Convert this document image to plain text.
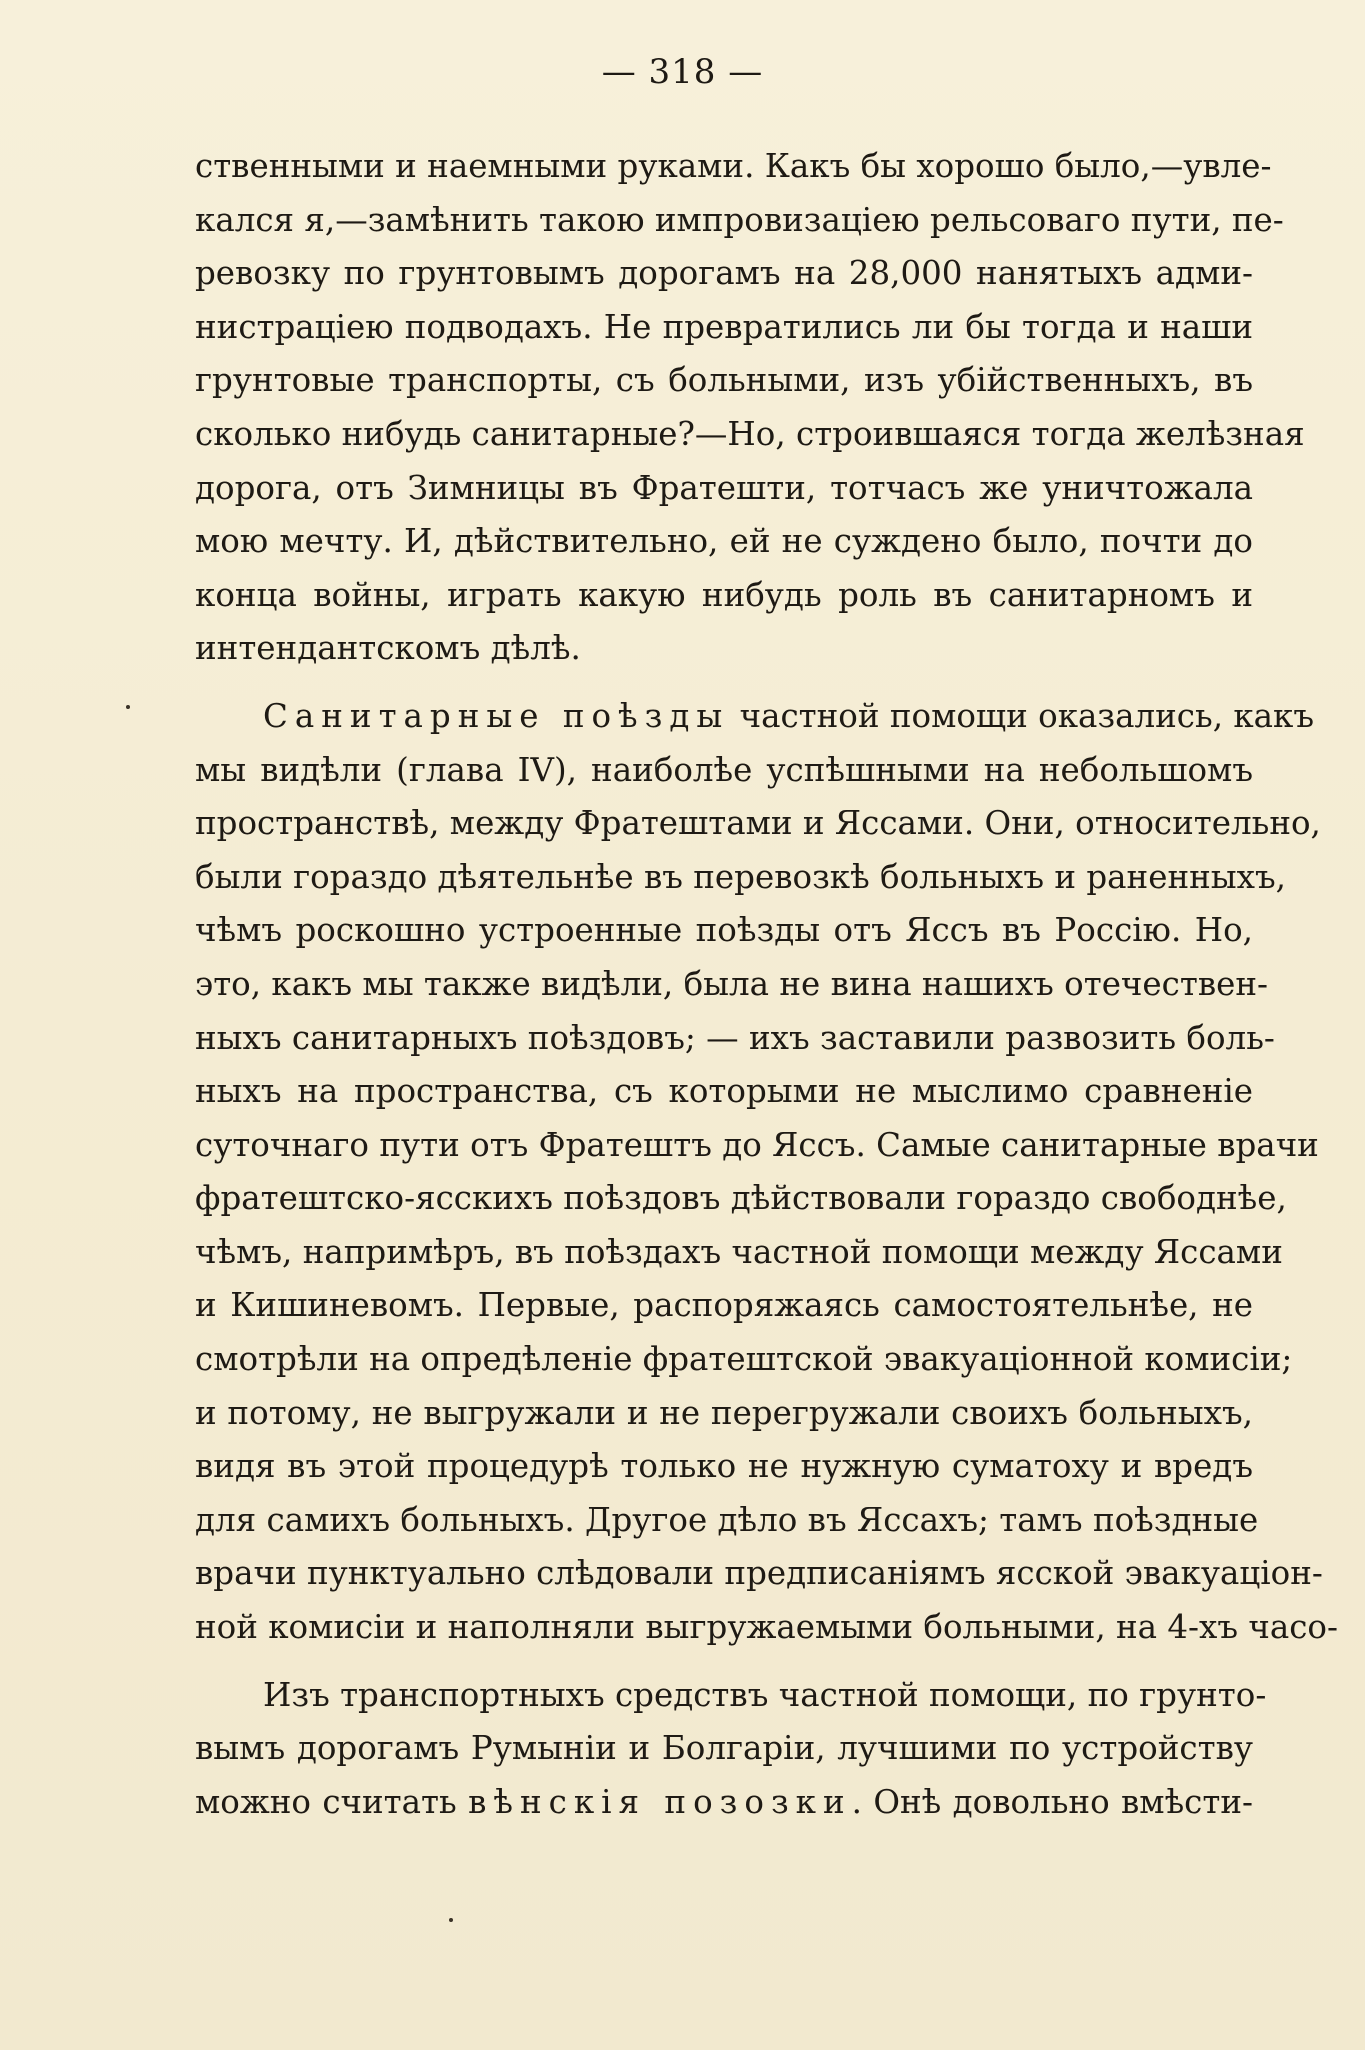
— 318 —
ственными и наемными руками. Какъ бы хорошо было,—увле-
кался я,—замѣнить такою импровизацiею рельсоваго пути, пе-
ревозку по грунтовымъ дорогамъ на 28,000 нанятыхъ адми-
нистрацiею подводахъ. Не превратились ли бы тогда и наши
грунтовые транспорты, съ больными, изъ убiйственныхъ, въ
сколько нибудь санитарные?—Но, строившаяся тогда желѣзная
дорога, отъ Зимницы въ Фратешти, тотчасъ же уничтожала
мою мечту. И, дѣйствительно, ей не суждено было, почти до
конца войны, играть какую нибудь роль въ санитарномъ и
интендантскомъ дѣлѣ.
Санитарные поѣзды частной помощи оказались, какъ
мы видѣли (глава IV), наиболѣе успѣшными на небольшомъ
пространствѣ, между Фратештами и Яссами. Они, относительно,
были гораздо дѣятельнѣе въ перевозкѣ больныхъ и раненныхъ,
чѣмъ роскошно устроенные поѣзды отъ Яссъ въ Россiю. Но,
это, какъ мы также видѣли, была не вина нашихъ отечествен-
ныхъ санитарныхъ поѣздовъ; — ихъ заставили развозить боль-
ныхъ на пространства, съ которыми не мыслимо сравненiе
суточнаго пути отъ Фратештъ до Яссъ. Самые санитарные врачи
фратештско-ясскихъ поѣздовъ дѣйствовали гораздо свободнѣе,
чѣмъ, напримѣръ, въ поѣздахъ частной помощи между Яссами
и Кишиневомъ. Первые, распоряжаясь самостоятельнѣе, не
смотрѣли на опредѣленiе фратештской эвакуацiонной комисiи;
и потому, не выгружали и не перегружали своихъ больныхъ,
видя въ этой процедурѣ только не нужную суматоху и вредъ
для самихъ больныхъ. Другое дѣло въ Яссахъ; тамъ поѣздные
врачи пунктуально слѣдовали предписанiямъ ясской эвакуацiон-
ной комисiи и наполняли выгружаемыми больными, на 4-хъ часо-
Изъ транспортныхъ средствъ частной помощи, по грунто-
вымъ дорогамъ Румынiи и Болгарiи, лучшими по устройству
можно считать вѣнскiя позозки. Онѣ довольно вмѣсти-
